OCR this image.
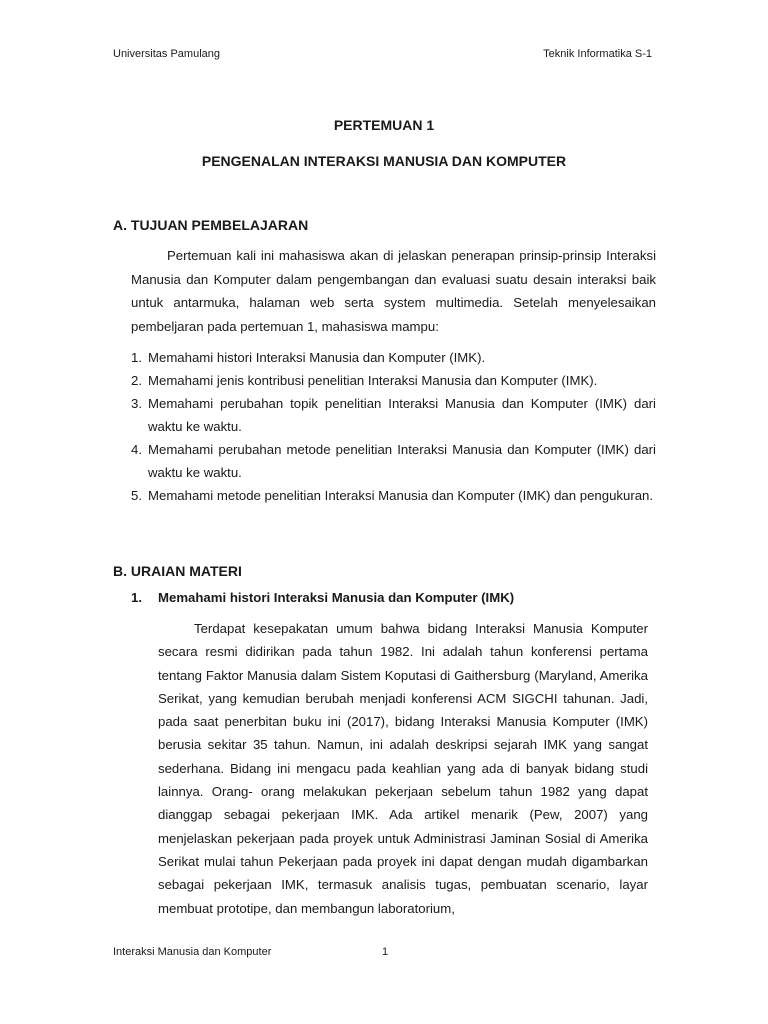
Universitas Pamulang	Teknik Informatika S-1
PERTEMUAN 1
PENGENALAN INTERAKSI MANUSIA DAN KOMPUTER
A. TUJUAN PEMBELAJARAN

Pertemuan kali ini mahasiswa akan di jelaskan penerapan prinsip-prinsip Interaksi Manusia dan Komputer dalam pengembangan dan evaluasi suatu desain interaksi baik untuk antarmuka, halaman web serta system multimedia. Setelah menyelesaikan pembeljaran pada pertemuan 1, mahasiswa mampu:

1. Memahami histori Interaksi Manusia dan Komputer (IMK).
2. Memahami jenis kontribusi penelitian Interaksi Manusia dan Komputer (IMK).
3. Memahami perubahan topik penelitian Interaksi Manusia dan Komputer (IMK) dari waktu ke waktu.
4. Memahami perubahan metode penelitian Interaksi Manusia dan Komputer (IMK) dari waktu ke waktu.
5. Memahami metode penelitian Interaksi Manusia dan Komputer (IMK) dan pengukuran.
B. URAIAN MATERI
1.	Memahami histori Interaksi Manusia dan Komputer (IMK)

Terdapat kesepakatan umum bahwa bidang Interaksi Manusia Komputer secara resmi didirikan pada tahun 1982. Ini adalah tahun konferensi pertama tentang Faktor Manusia dalam Sistem Koputasi di Gaithersburg (Maryland, Amerika Serikat, yang kemudian berubah menjadi konferensi ACM SIGCHI tahunan. Jadi, pada saat penerbitan buku ini (2017), bidang Interaksi Manusia Komputer (IMK) berusia sekitar 35 tahun. Namun, ini adalah deskripsi sejarah IMK yang sangat sederhana. Bidang ini mengacu pada keahlian yang ada di banyak bidang studi lainnya. Orang- orang melakukan pekerjaan sebelum tahun 1982 yang dapat dianggap sebagai pekerjaan IMK. Ada artikel menarik (Pew, 2007) yang menjelaskan pekerjaan pada proyek untuk Administrasi Jaminan Sosial di Amerika Serikat mulai tahun Pekerjaan pada proyek ini dapat dengan mudah digambarkan sebagai pekerjaan IMK, termasuk analisis tugas, pembuatan scenario, layar membuat prototipe, dan membangun laboratorium,

Interaksi Manusia dan Komputer	1
